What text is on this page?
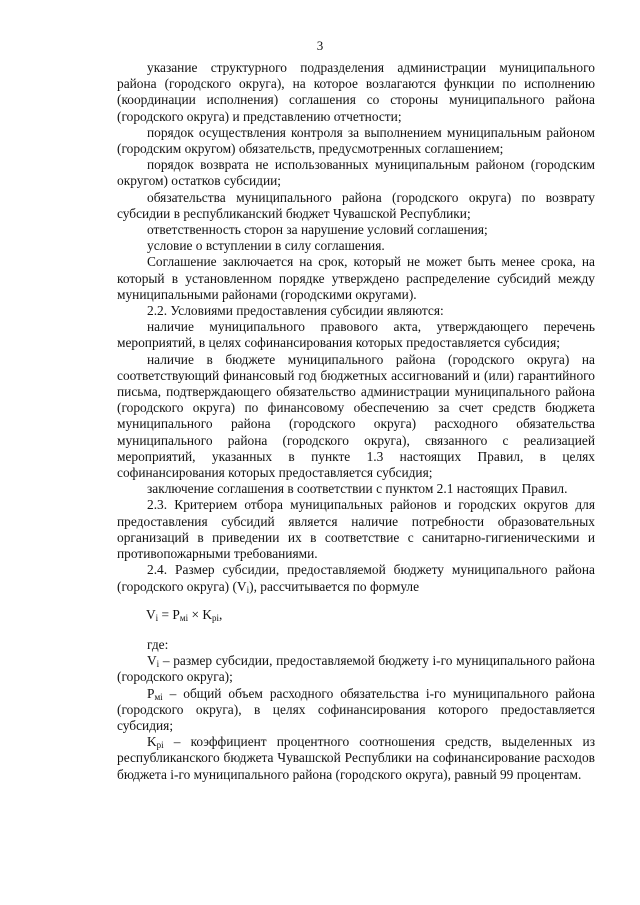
3

указание структурного подразделения администрации муниципального района (городского округа), на которое возлагаются функции по исполнению (координации исполнения) соглашения со стороны муниципального района (городского округа) и представлению отчетности;

порядок осуществления контроля за выполнением муниципальным районом (городским округом) обязательств, предусмотренных соглашением;

порядок возврата не использованных муниципальным районом (городским округом) остатков субсидии;

обязательства муниципального района (городского округа) по возврату субсидии в республиканский бюджет Чувашской Республики;

ответственность сторон за нарушение условий соглашения;

условие о вступлении в силу соглашения.

Соглашение заключается на срок, который не может быть менее срока, на который в установленном порядке утверждено распределение субсидий между муниципальными районами (городскими округами).

2.2. Условиями предоставления субсидии являются:

наличие муниципального правового акта, утверждающего перечень мероприятий, в целях софинансирования которых предоставляется субсидия;

наличие в бюджете муниципального района (городского округа) на соответствующий финансовый год бюджетных ассигнований и (или) гарантийного письма, подтверждающего обязательство администрации муниципального района (городского округа) по финансовому обеспечению за счет средств бюджета муниципального района (городского округа) расходного обязательства муниципального района (городского округа), связанного с реализацией мероприятий, указанных в пункте 1.3 настоящих Правил, в целях софинансирования которых предоставляется субсидия;

заключение соглашения в соответствии с пунктом 2.1 настоящих Правил.

2.3. Критерием отбора муниципальных районов и городских округов для предоставления субсидий является наличие потребности образовательных организаций в приведении их в соответствие с санитарно-гигиеническими и противопожарными требованиями.

2.4. Размер субсидии, предоставляемой бюджету муниципального района (городского округа) $(V_i)$, рассчитывается по формуле

$V_i = P_{мi} \times K_{pi}$,

где:

$V_i$ – размер субсидии, предоставляемой бюджету i-го муниципального района (городского округа);

$P_{мi}$ – общий объем расходного обязательства i-го муниципального района (городского округа), в целях софинансирования которого предоставляется субсидия;

$K_{pi}$ – коэффициент процентного соотношения средств, выделенных из республиканского бюджета Чувашской Республики на софинансирование расходов бюджета i-го муниципального района (городского округа), равный 99 процентам.
